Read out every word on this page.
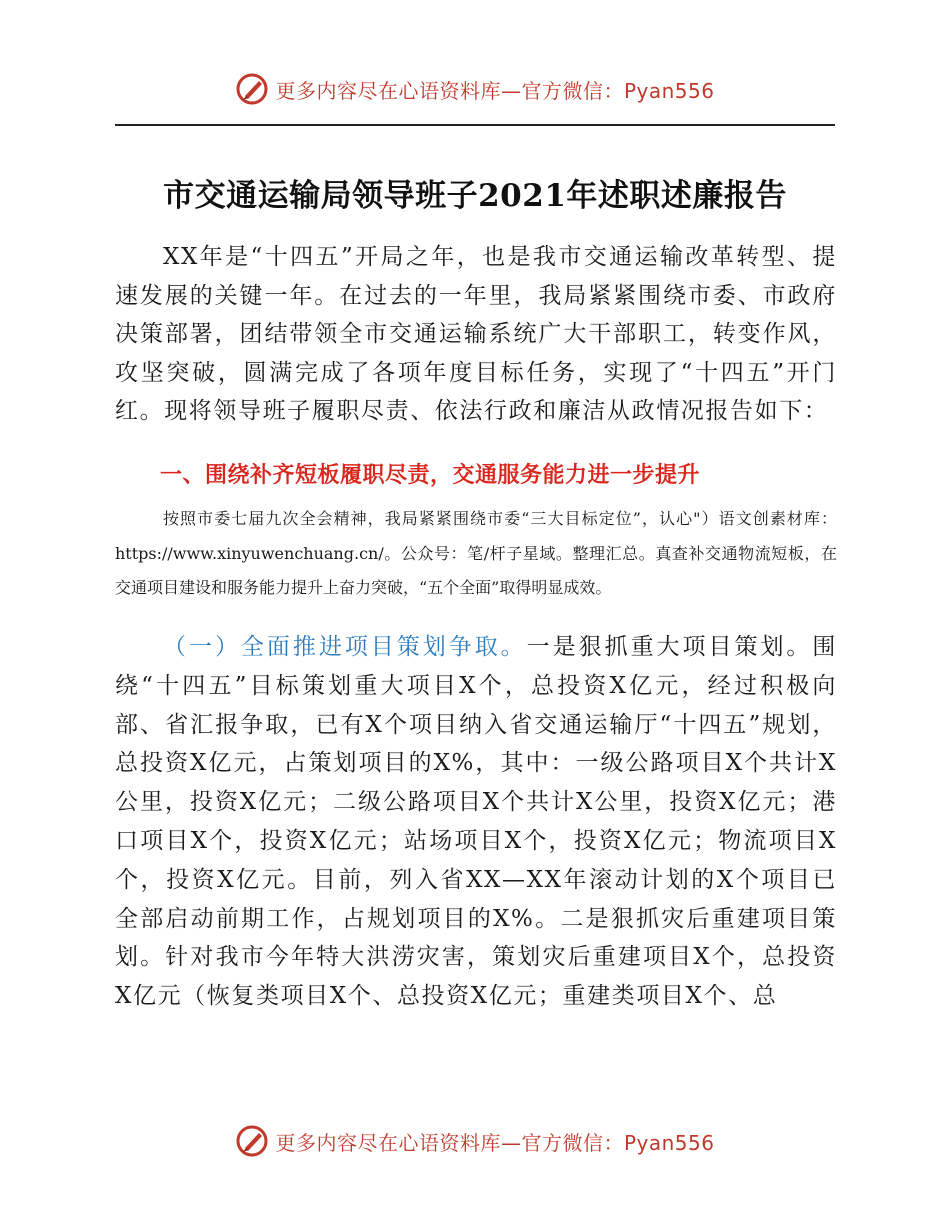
更多内容尽在心语资料库—官方微信：Pyan556
市交通运输局领导班子2021年述职述廉报告

XX年是“十四五”开局之年，也是我市交通运输改革转型、提速发展的关键一年。在过去的一年里，我局紧紧围绕市委、市政府决策部署，团结带领全市交通运输系统广大干部职工，转变作风，攻坚突破，圆满完成了各项年度目标任务，实现了“十四五”开门红。现将领导班子履职尽责、依法行政和廉洁从政情况报告如下：

一、围绕补齐短板履职尽责，交通服务能力进一步提升

按照市委七届九次全会精神，我局紧紧围绕市委“三大目标定位”，认心"）语文创素材库：https://www.xinyuwenchuang.cn/。公众号：笔/杆子星域。整理汇总。真查补交通物流短板，在交通项目建设和服务能力提升上奋力突破，“五个全面”取得明显成效。

（一）全面推进项目策划争取。一是狠抓重大项目策划。围绕“十四五”目标策划重大项目X个，总投资X亿元，经过积极向部、省汇报争取，已有X个项目纳入省交通运输厅“十四五”规划，总投资X亿元，占策划项目的X%，其中：一级公路项目X个共计X公里，投资X亿元；二级公路项目X个共计X公里，投资X亿元；港口项目X个，投资X亿元；站场项目X个，投资X亿元；物流项目X个，投资X亿元。目前，列入省XX—XX年滚动计划的X个项目已全部启动前期工作，占规划项目的X%。二是狠抓灾后重建项目策划。针对我市今年特大洪涝灾害，策划灾后重建项目X个，总投资X亿元（恢复类项目X个、总投资X亿元；重建类项目X个、总

更多内容尽在心语资料库—官方微信：Pyan556
